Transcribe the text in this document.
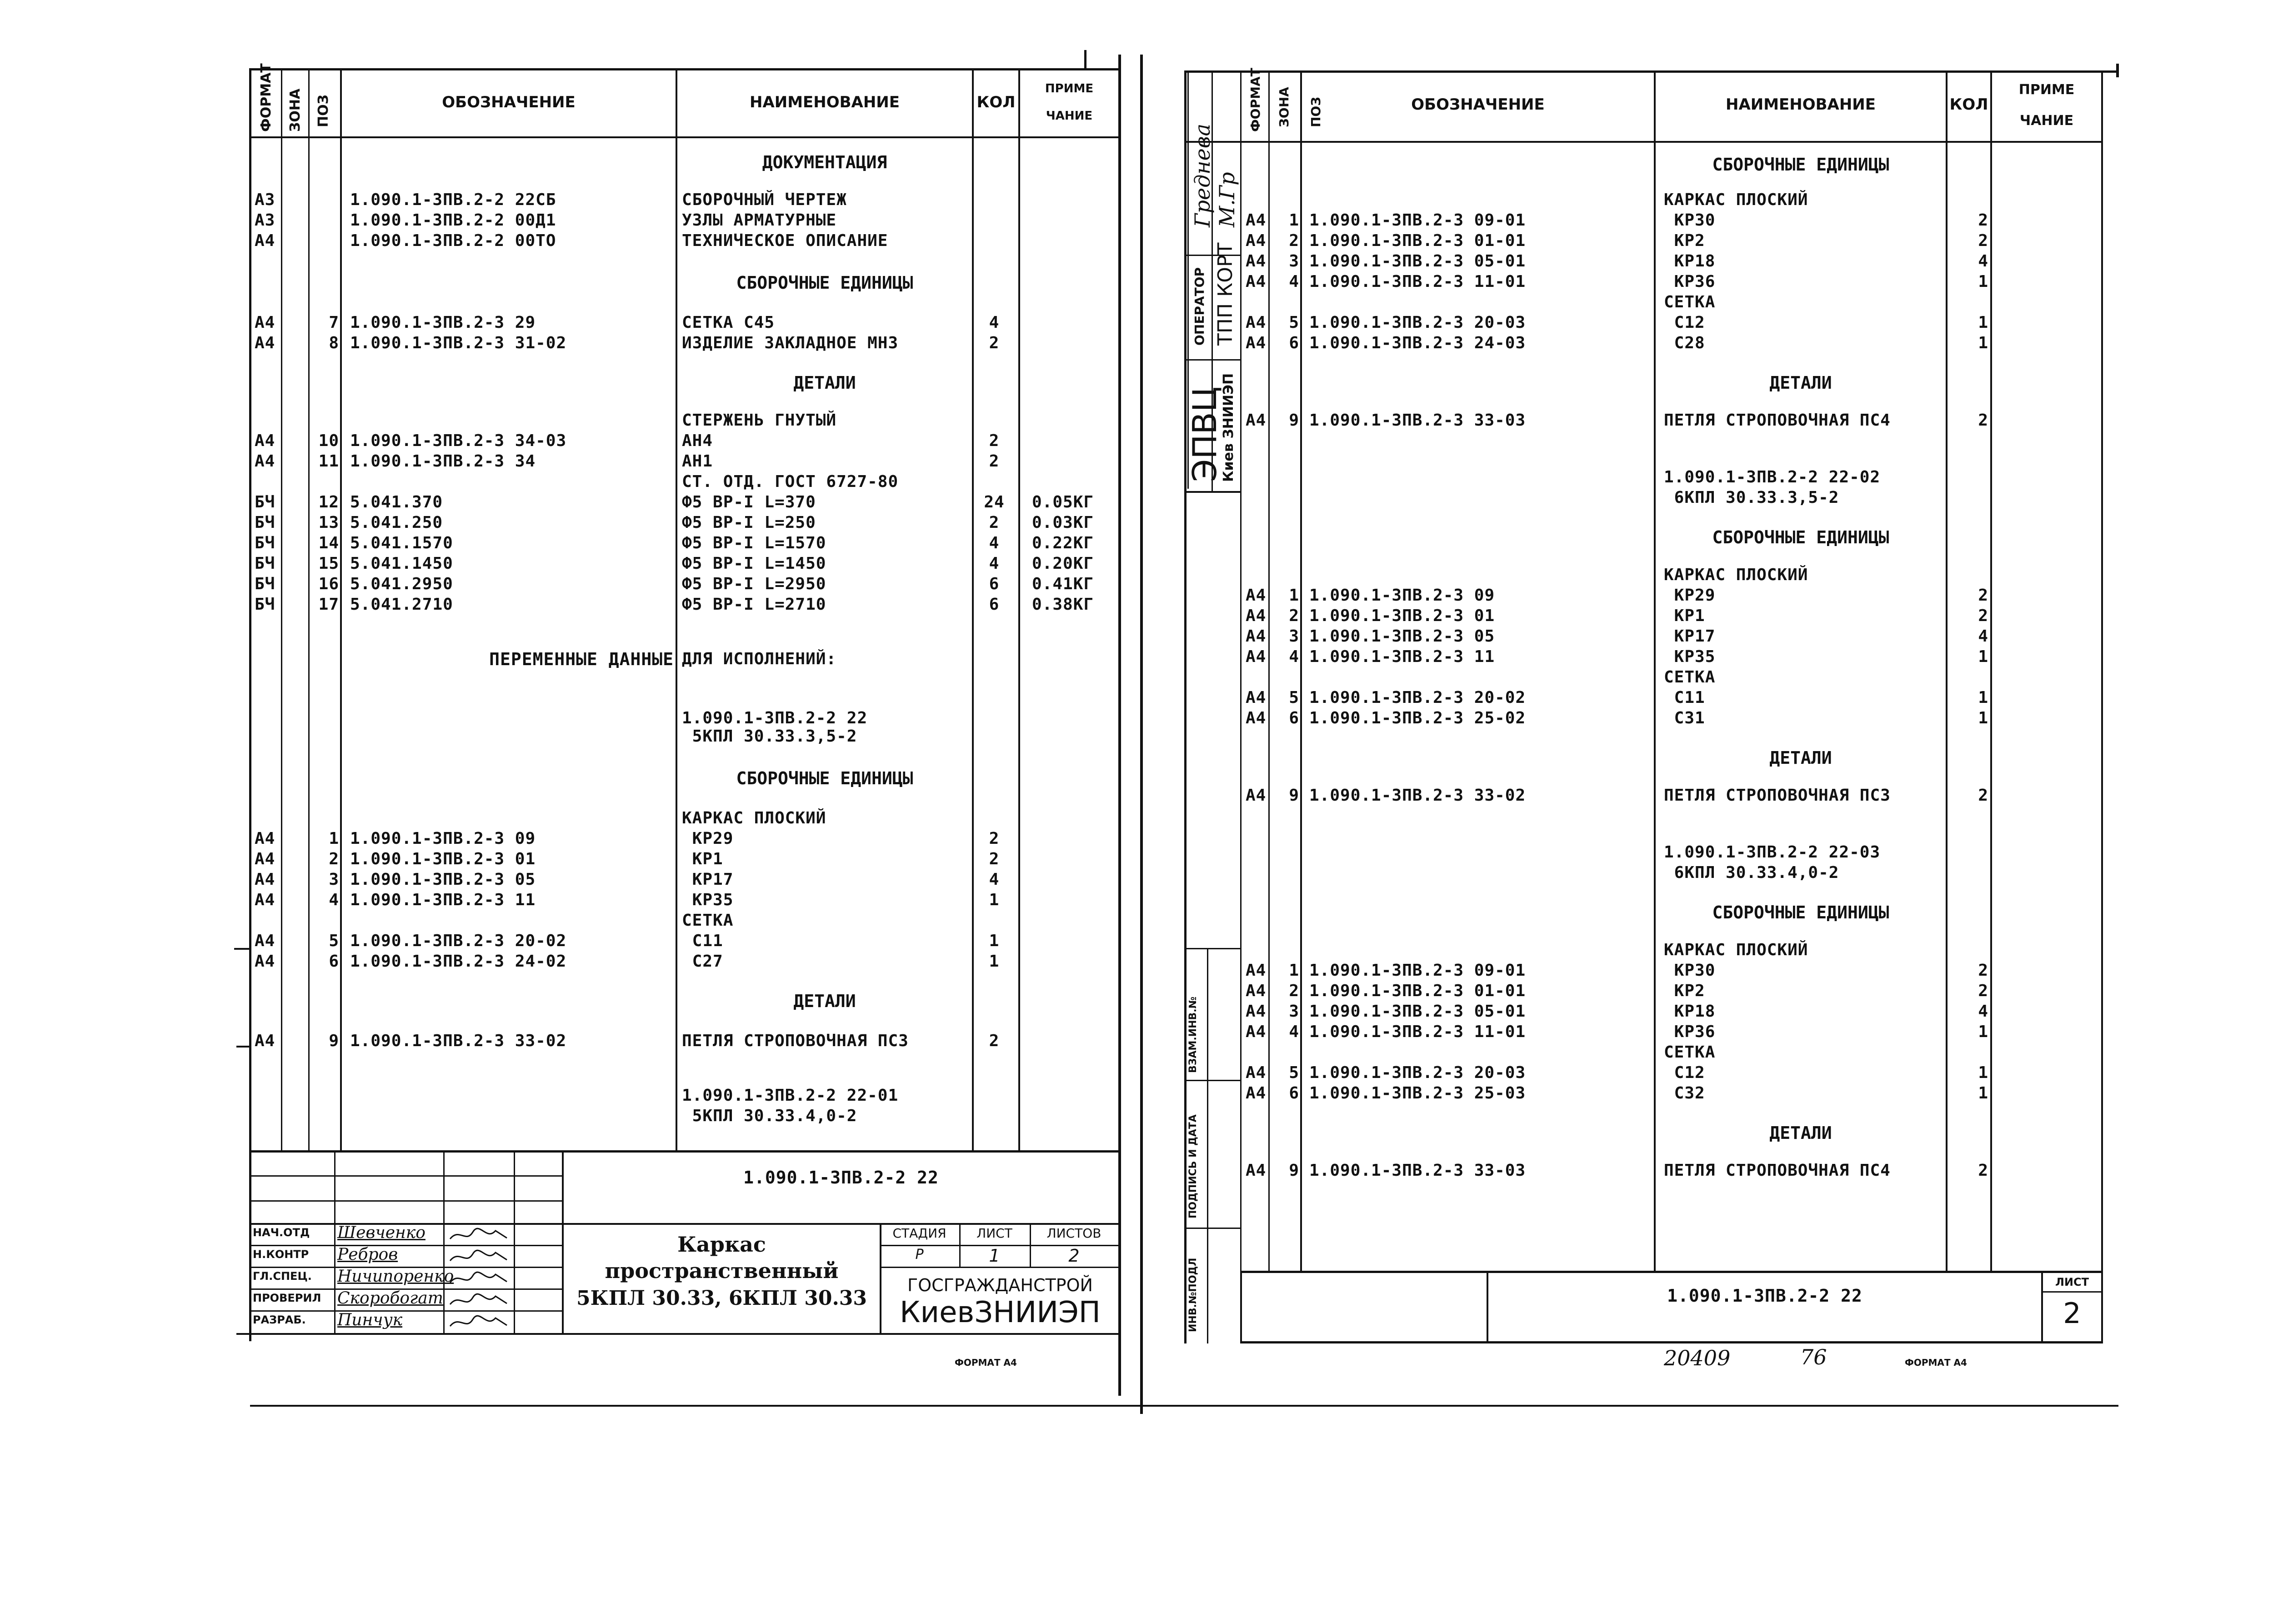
ФОРМАТ ЗОНА ПОЗ	ОБОЗНАЧЕНИЕ	НАИМЕНОВАНИЕ	КОЛ
ПРИМЕ
ЧАНИЕ
ДОКУМЕНТАЦИЯ
А3	1.090.1-3ПВ.2-2 22СБ	СБОРОЧНЫЙ ЧЕРТЕЖ
А3	1.090.1-3ПВ.2-2 00Д1	УЗЛЫ АРМАТУРНЫЕ
А4	1.090.1-3ПВ.2-2 00ТО	ТЕХНИЧЕСКОЕ ОПИСАНИЕ
СБОРОЧНЫЕ ЕДИНИЦЫ
А4	7 1.090.1-3ПВ.2-3 29	СЕТКА С45	4
А4	8 1.090.1-3ПВ.2-3 31-02	ИЗДЕЛИЕ ЗАКЛАДНОЕ МН3	2
ДЕТАЛИ
СТЕРЖЕНЬ ГНУТЫЙ
А4	10 1.090.1-3ПВ.2-3 34-03	АН4	2
А4	11 1.090.1-3ПВ.2-3 34	АН1	2
СТ. ОТД. ГОСТ 6727-80
БЧ	12 5.041.370	Ф5 ВР-I L=370	24	0.05КГ
БЧ	13 5.041.250	Ф5 ВР-I L=250	2	0.03КГ
БЧ	14 5.041.1570	Ф5 ВР-I L=1570	4	0.22КГ
БЧ	15 5.041.1450	Ф5 ВР-I L=1450	4	0.20КГ
БЧ	16 5.041.2950	Ф5 ВР-I L=2950	6	0.41КГ
БЧ	17 5.041.2710	Ф5 ВР-I L=2710	6	0.38КГ
ПЕРЕМЕННЫЕ ДАННЫЕ ДЛЯ ИСПОЛНЕНИЙ:
1.090.1-3ПВ.2-2 22
5КПЛ 30.33.3,5-2
СБОРОЧНЫЕ ЕДИНИЦЫ
КАРКАС ПЛОСКИЙ
А4	1 1.090.1-3ПВ.2-3 09	КР29	2
А4	2 1.090.1-3ПВ.2-3 01	КР1	2
А4	3 1.090.1-3ПВ.2-3 05	КР17	4
А4	4 1.090.1-3ПВ.2-3 11	КР35	1
СЕТКА
А4	5 1.090.1-3ПВ.2-3 20-02	С11	1
А4	6 1.090.1-3ПВ.2-3 24-02	С27	1
ДЕТАЛИ
А4	9 1.090.1-3ПВ.2-3 33-02	ПЕТЛЯ СТРОПОВОЧНАЯ ПС3	2
1.090.1-3ПВ.2-2 22-01
5КПЛ 30.33.4,0-2
1.090.1-3ПВ.2-2 22
НАЧ.ОТД Шевченко
Н.КОНТР Ребров
ГЛ.СПЕЦ. Ничипоренко
ПРОВЕРИЛ Скоробогат
РАЗРАБ. Пинчук
Каркас
пространственный
5КПЛ 30.33, 6КПЛ 30.33
СТАДИЯ	ЛИСТ	ЛИСТОВ
Р	1	2
ГОСГРАЖДАНСТРОЙ
КиевЗНИИЭП
ФОРМАТ А4
Греднева М.Гр
ОПЕРАТОР ТПП КОРТ
ЭПВЦ
Киев ЗНИИЭП
ВЗАМ.ИНВ.№
ПОДПИСЬ И ДАТА
ИНВ.№ПОДЛ
ФОРМАТ ЗОНА ПОЗ	ОБОЗНАЧЕНИЕ	НАИМЕНОВАНИЕ	КОЛ
ПРИМЕ
ЧАНИЕ
СБОРОЧНЫЕ ЕДИНИЦЫ
КАРКАС ПЛОСКИЙ
А4	1 1.090.1-3ПВ.2-3 09-01	КР30	2
А4	2 1.090.1-3ПВ.2-3 01-01	КР2	2
А4	3 1.090.1-3ПВ.2-3 05-01	КР18	4
А4	4 1.090.1-3ПВ.2-3 11-01	КР36	1
СЕТКА
А4	5 1.090.1-3ПВ.2-3 20-03	С12	1
А4	6 1.090.1-3ПВ.2-3 24-03	С28	1
ДЕТАЛИ
А4	9 1.090.1-3ПВ.2-3 33-03	ПЕТЛЯ СТРОПОВОЧНАЯ ПС4	2
1.090.1-3ПВ.2-2 22-02
6КПЛ 30.33.3,5-2
СБОРОЧНЫЕ ЕДИНИЦЫ
КАРКАС ПЛОСКИЙ
А4	1 1.090.1-3ПВ.2-3 09	КР29	2
А4	2 1.090.1-3ПВ.2-3 01	КР1	2
А4	3 1.090.1-3ПВ.2-3 05	КР17	4
А4	4 1.090.1-3ПВ.2-3 11	КР35	1
СЕТКА
А4	5 1.090.1-3ПВ.2-3 20-02	С11	1
А4	6 1.090.1-3ПВ.2-3 25-02	С31	1
ДЕТАЛИ
А4	9 1.090.1-3ПВ.2-3 33-02	ПЕТЛЯ СТРОПОВОЧНАЯ ПС3	2
1.090.1-3ПВ.2-2 22-03
6КПЛ 30.33.4,0-2
СБОРОЧНЫЕ ЕДИНИЦЫ
КАРКАС ПЛОСКИЙ
А4	1 1.090.1-3ПВ.2-3 09-01	КР30	2
А4	2 1.090.1-3ПВ.2-3 01-01	КР2	2
А4	3 1.090.1-3ПВ.2-3 05-01	КР18	4
А4	4 1.090.1-3ПВ.2-3 11-01	КР36	1
СЕТКА
А4	5 1.090.1-3ПВ.2-3 20-03	С12	1
А4	6 1.090.1-3ПВ.2-3 25-03	С32	1
ДЕТАЛИ
А4	9 1.090.1-3ПВ.2-3 33-03	ПЕТЛЯ СТРОПОВОЧНАЯ ПС4	2
1.090.1-3ПВ.2-2 22
ЛИСТ
2
20409	76	ФОРМАТ А4
